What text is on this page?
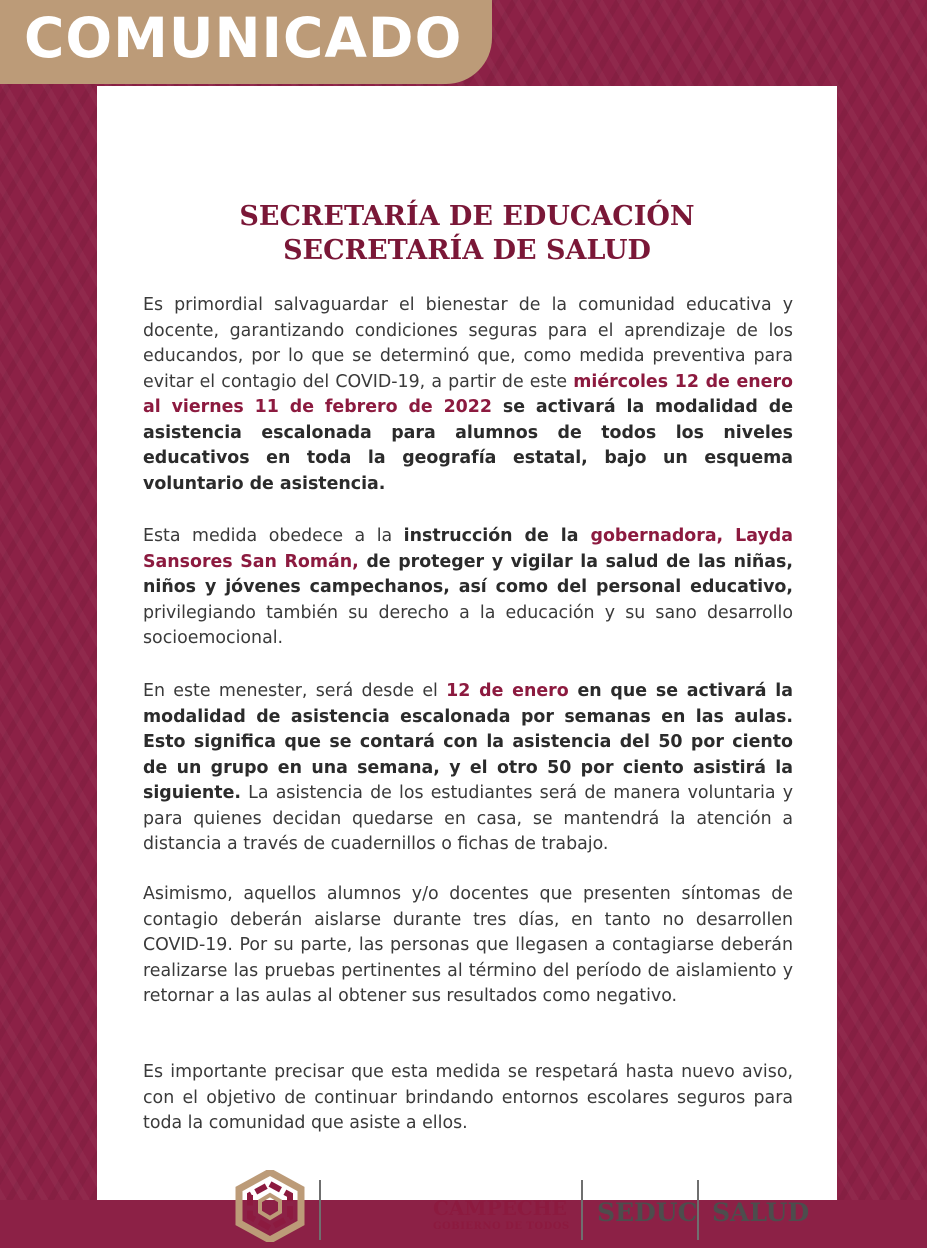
SECRETARÍA DE EDUCACIÓN
SECRETARÍA DE SALUD

Es primordial salvaguardar el bienestar de la comunidad educativa y docente, garantizando condiciones seguras para el aprendizaje de los educandos, por lo que se determinó que, como medida preventiva para evitar el contagio del COVID-19, a partir de este miércoles 12 de enero al viernes 11 de febrero de 2022 se activará la modalidad de asistencia escalonada para alumnos de todos los niveles educativos en toda la geografía estatal, bajo un esquema voluntario de asistencia.

Esta medida obedece a la instrucción de la gobernadora, Layda Sansores San Román, de proteger y vigilar la salud de las niñas, niños y jóvenes campechanos, así como del personal educativo, privilegiando también su derecho a la educación y su sano desarrollo socioemocional.

En este menester, será desde el 12 de enero en que se activará la modalidad de asistencia escalonada por semanas en las aulas. Esto significa que se contará con la asistencia del 50 por ciento de un grupo en una semana, y el otro 50 por ciento asistirá la siguiente. La asistencia de los estudiantes será de manera voluntaria y para quienes decidan quedarse en casa, se mantendrá la atención a distancia a través de cuadernillos o fichas de trabajo.

Asimismo, aquellos alumnos y/o docentes que presenten síntomas de contagio deberán aislarse durante tres días, en tanto no desarrollen COVID-19. Por su parte, las personas que llegasen a contagiarse deberán realizarse las pruebas pertinentes al término del período de aislamiento y retornar a las aulas al obtener sus resultados como negativo.

Es importante precisar que esta medida se respetará hasta nuevo aviso, con el objetivo de continuar brindando entornos escolares seguros para toda la comunidad que asiste a ellos.

CAMPECHE
GOBIERNO DE TODOS SEDUC SALUD
COMUNICADO
